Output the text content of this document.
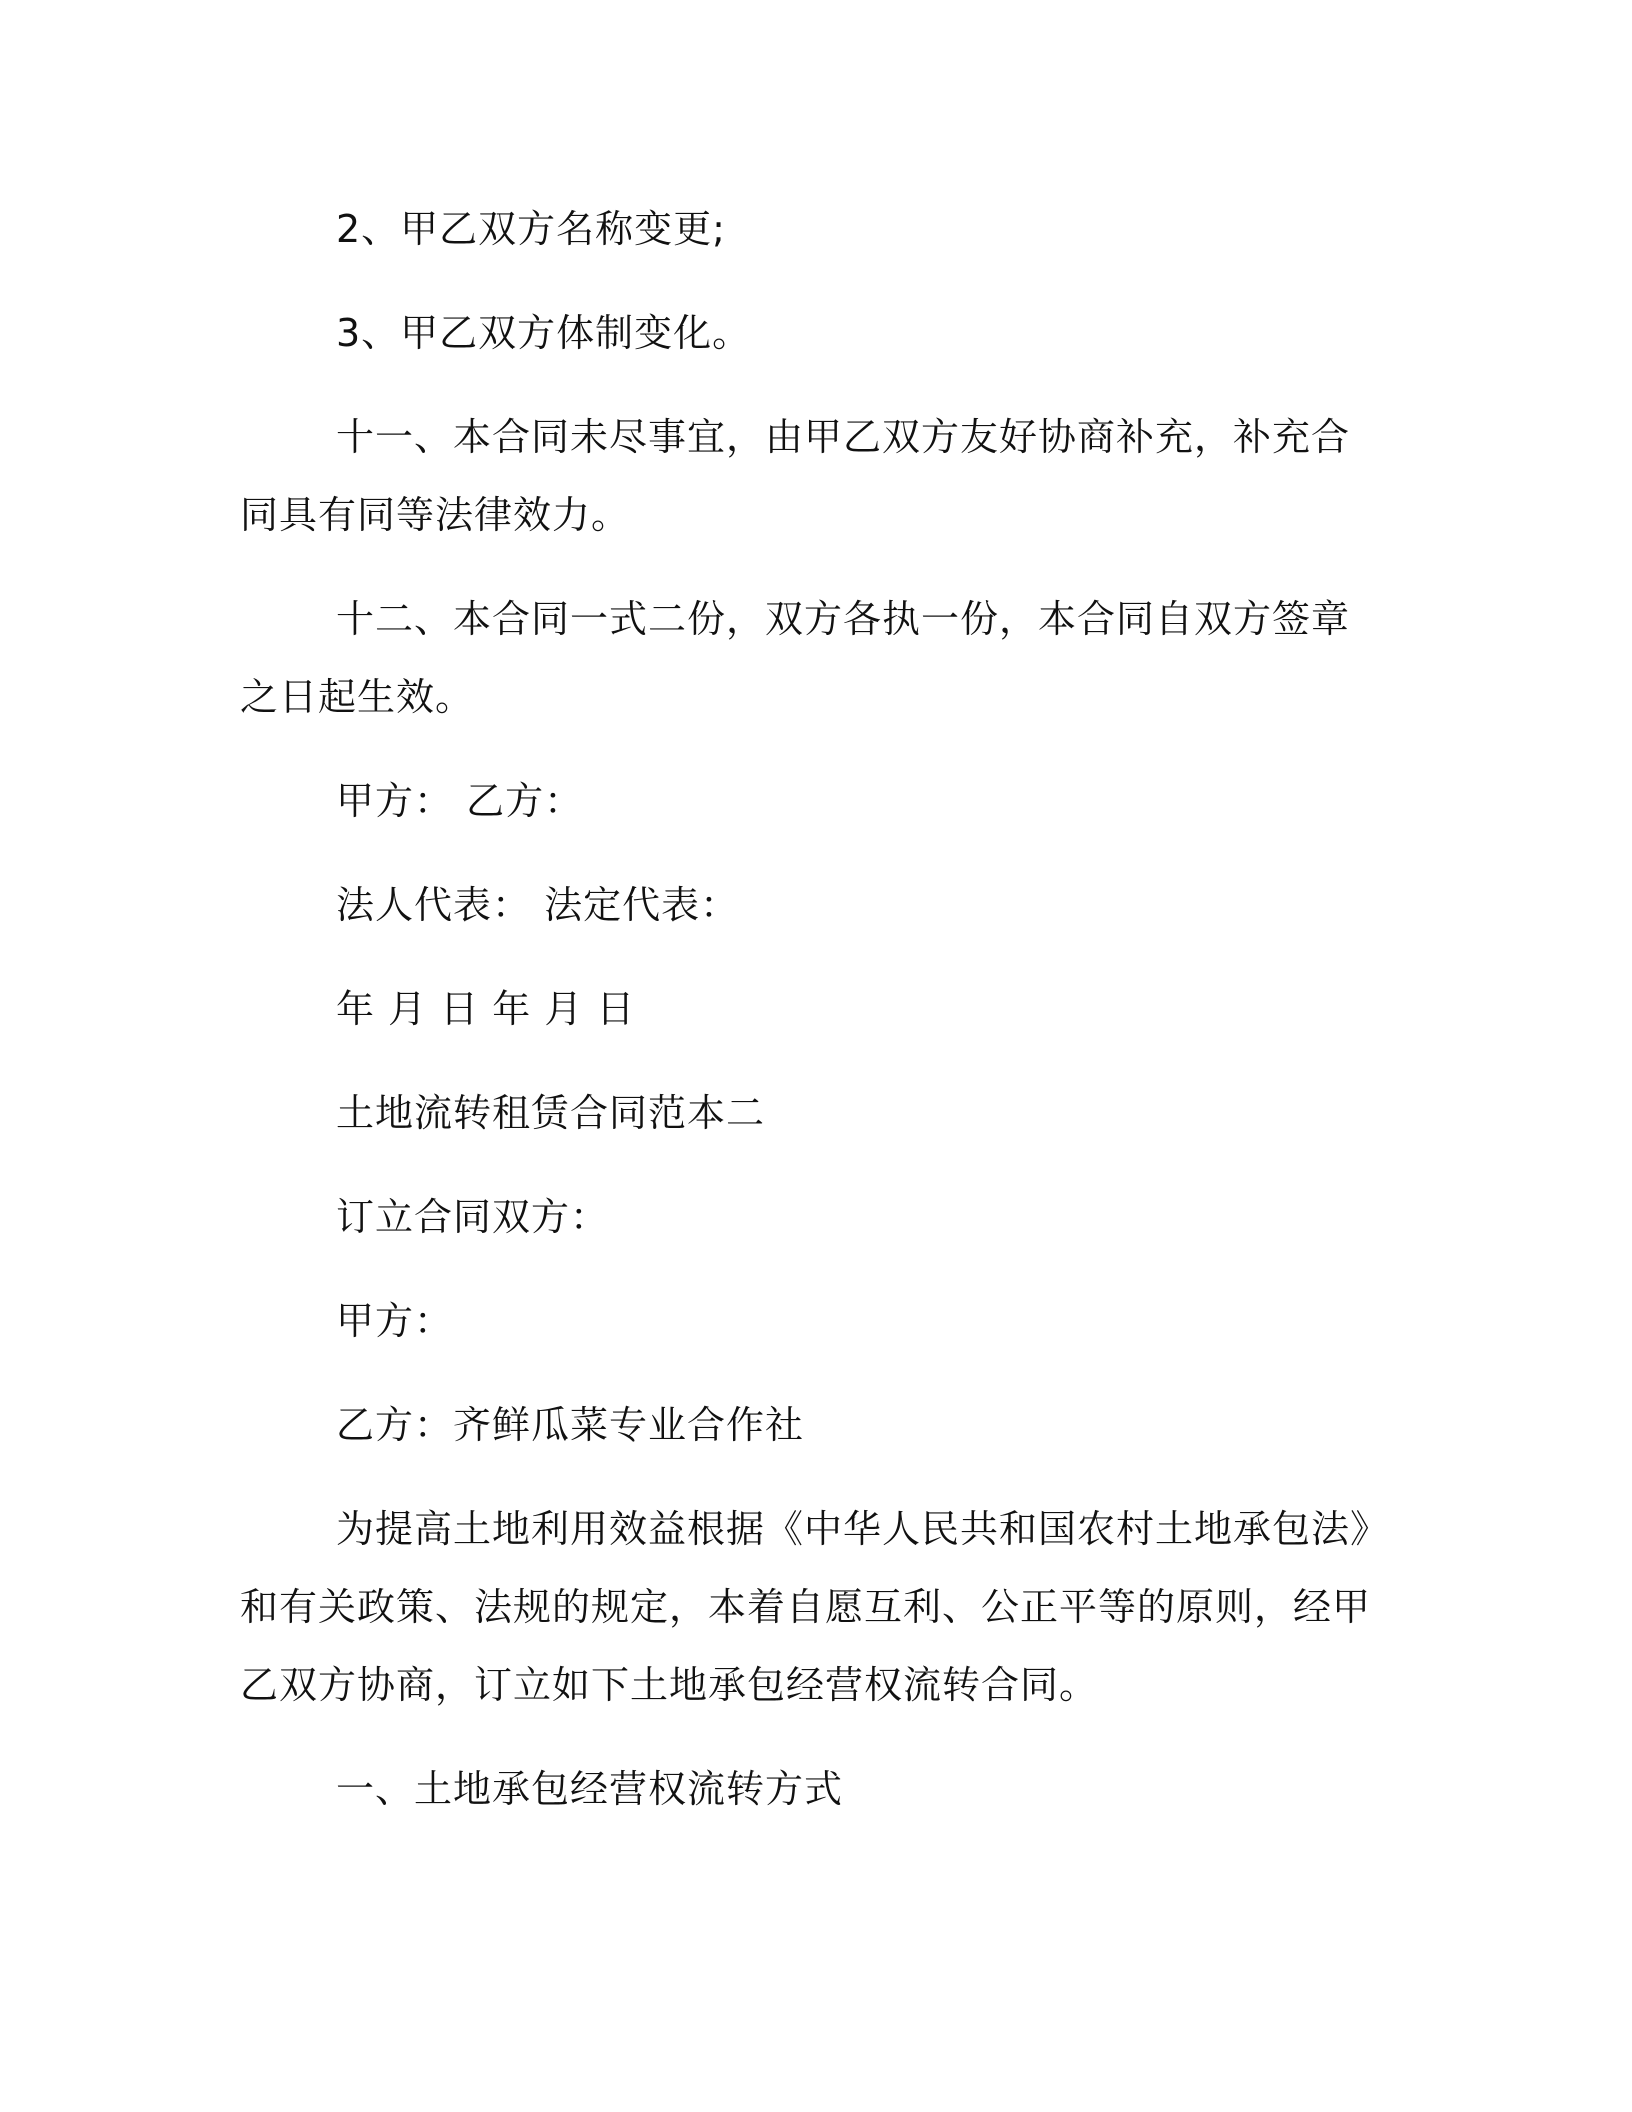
2、甲乙双方名称变更;

3、甲乙双方体制变化。

十一、本合同未尽事宜，由甲乙双方友好协商补充，补充合同具有同等法律效力。

十二、本合同一式二份，双方各执一份，本合同自双方签章之日起生效。

甲方： 乙方：

法人代表： 法定代表：

年 月 日 年 月 日

土地流转租赁合同范本二

订立合同双方：

甲方：

乙方：齐鲜瓜菜专业合作社

为提高土地利用效益根据《中华人民共和国农村土地承包法》和有关政策、法规的规定，本着自愿互利、公正平等的原则，经甲乙双方协商，订立如下土地承包经营权流转合同。

一、土地承包经营权流转方式
